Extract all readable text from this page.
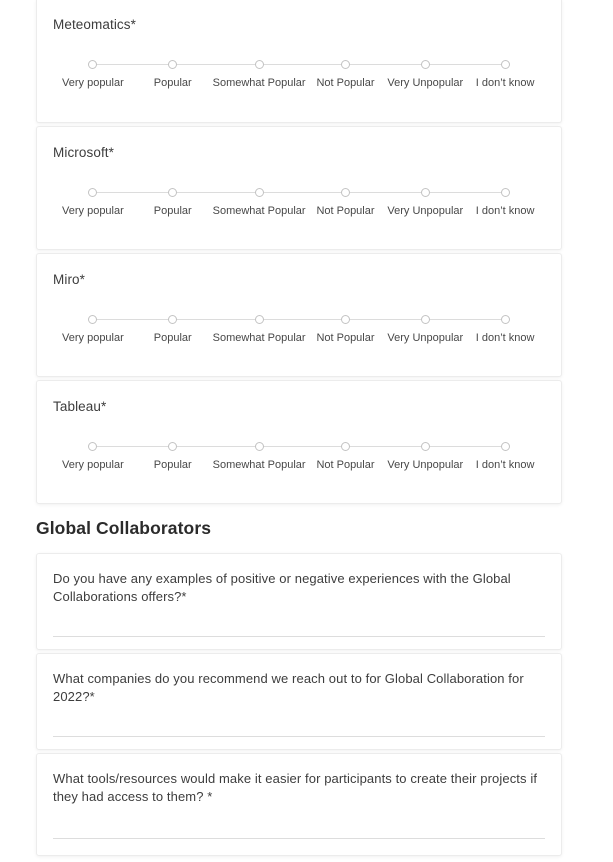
Meteomatics*
Very popular	Popular Somewhat Popular Not Popular Very Unpopular I don’t know
Microsoft*
Very popular	Popular Somewhat Popular Not Popular Very Unpopular I don’t know
Miro*
Very popular	Popular Somewhat Popular Not Popular Very Unpopular I don’t know
Tableau*
Very popular	Popular Somewhat Popular Not Popular Very Unpopular I don’t know
Global Collaborators
Do you have any examples of positive or negative experiences with the Global Collaborations offers?*
What companies do you recommend we reach out to for Global Collaboration for 2022?*
What tools/resources would make it easier for participants to create their projects if they had access to them? *
